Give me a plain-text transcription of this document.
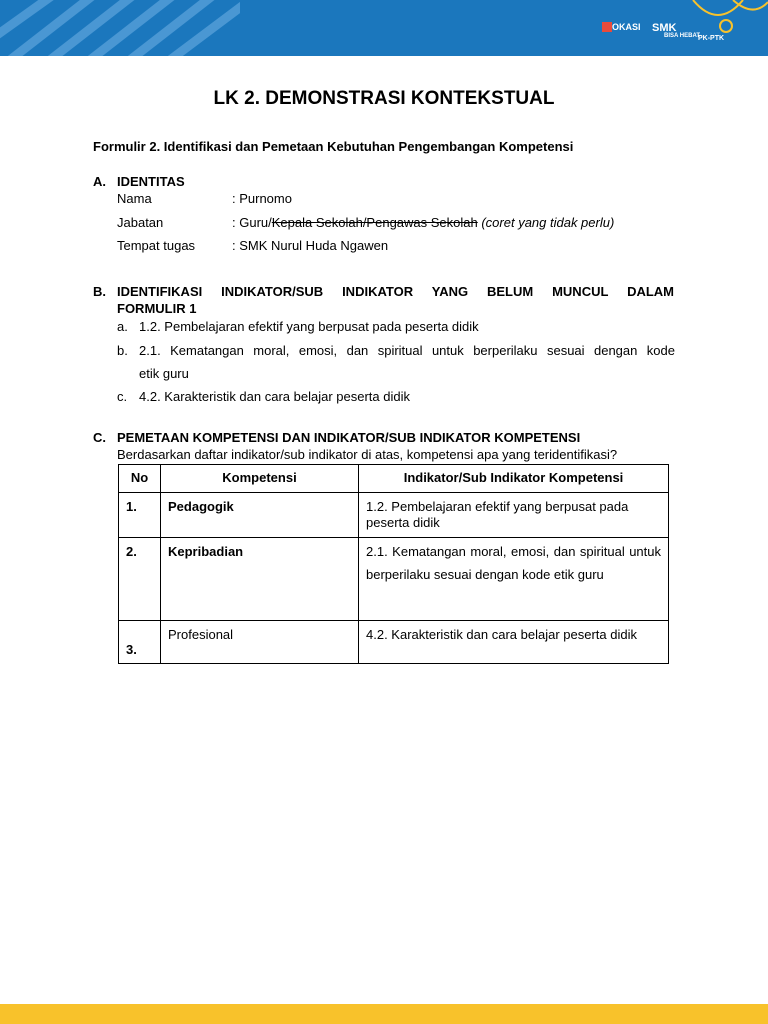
OKASI SMK
BISA HEBAT
PK-PTK
LK 2. DEMONSTRASI KONTEKSTUAL
Formulir 2. Identifikasi dan Pemetaan Kebutuhan Pengembangan Kompetensi
A. IDENTITAS
Nama	: Purnomo
Jabatan	: Guru/Kepala Sekolah/Pengawas Sekolah (coret yang tidak perlu)
Tempat tugas	: SMK Nurul Huda Ngawen
B. IDENTIFIKASI INDIKATOR/SUB INDIKATOR YANG BELUM MUNCUL DALAM
FORMULIR 1
a. 1.2. Pembelajaran efektif yang berpusat pada peserta didik
b. 2.1. Kematangan moral, emosi, dan spiritual untuk berperilaku sesuai dengan kode
etik guru
c. 4.2. Karakteristik dan cara belajar peserta didik
C. PEMETAAN KOMPETENSI DAN INDIKATOR/SUB INDIKATOR KOMPETENSI
Berdasarkan daftar indikator/sub indikator di atas, kompetensi apa yang teridentifikasi?
No	Kompetensi	Indikator/Sub Indikator Kompetensi
1.	Pedagogik	1.2. Pembelajaran efektif yang berpusat pada peserta didik
2.	Kepribadian	2.1. Kematangan moral, emosi, dan spiritual untuk berperilaku sesuai dengan kode etik guru
3.	Profesional	4.2. Karakteristik dan cara belajar peserta didik
